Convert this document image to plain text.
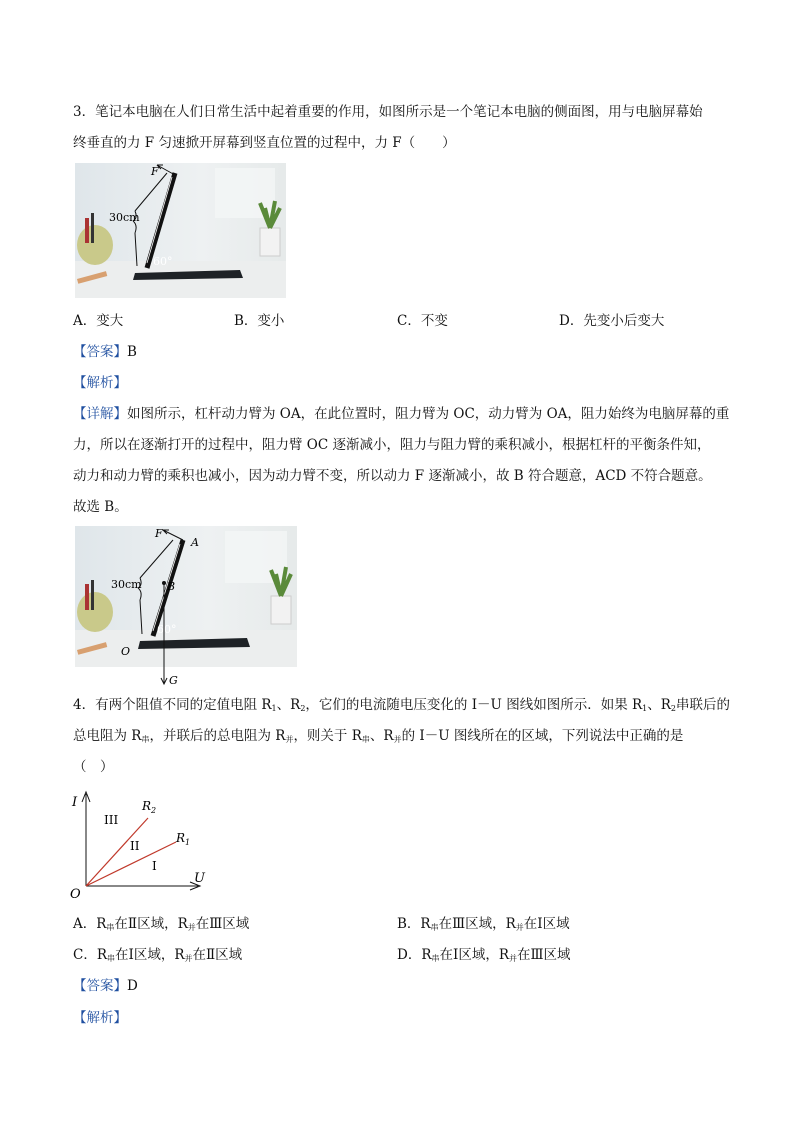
3．笔记本电脑在人们日常生活中起着重要的作用，如图所示是一个笔记本电脑的侧面图，用与电脑屏幕始
终垂直的力 F 匀速掀开屏幕到竖直位置的过程中，力 F（　　）
F
30cm
60°
A．变大	B．变小	C．不变	D．先变小后变大
【答案】B
【解析】
【详解】如图所示，杠杆动力臂为 OA，在此位置时，阻力臂为 OC，动力臂为 OA，阻力始终为电脑屏幕的重
力，所以在逐渐打开的过程中，阻力臂 OC 逐渐减小，阻力与阻力臂的乘积减小，根据杠杆的平衡条件知，
动力和动力臂的乘积也减小，因为动力臂不变，所以动力 F 逐渐减小，故 B 符合题意，ACD 不符合题意。
故选 B。
F
A
B
30cm
60°
O
G
4．有两个阻值不同的定值电阻 $R_1$、$R_2$，它们的电流随电压变化的 I－U 图线如图所示．如果 $R_1$、$R_2$串联后的
总电阻为 $R_串$，并联后的总电阻为 $R_并$，则关于 $R_串$、$R_并$的 I－U 图线所在的区域，下列说法中正确的是
（　）
I
U
O
$R_2$
$R_1$
III
II
I
A．$R_串$在Ⅱ区域，$R_并$在Ⅲ区域	B．$R_串$在Ⅲ区域，$R_并$在Ⅰ区域
C．$R_串$在Ⅰ区域，$R_并$在Ⅱ区域	D．$R_串$在Ⅰ区域，$R_并$在Ⅲ区域
【答案】D
【解析】
